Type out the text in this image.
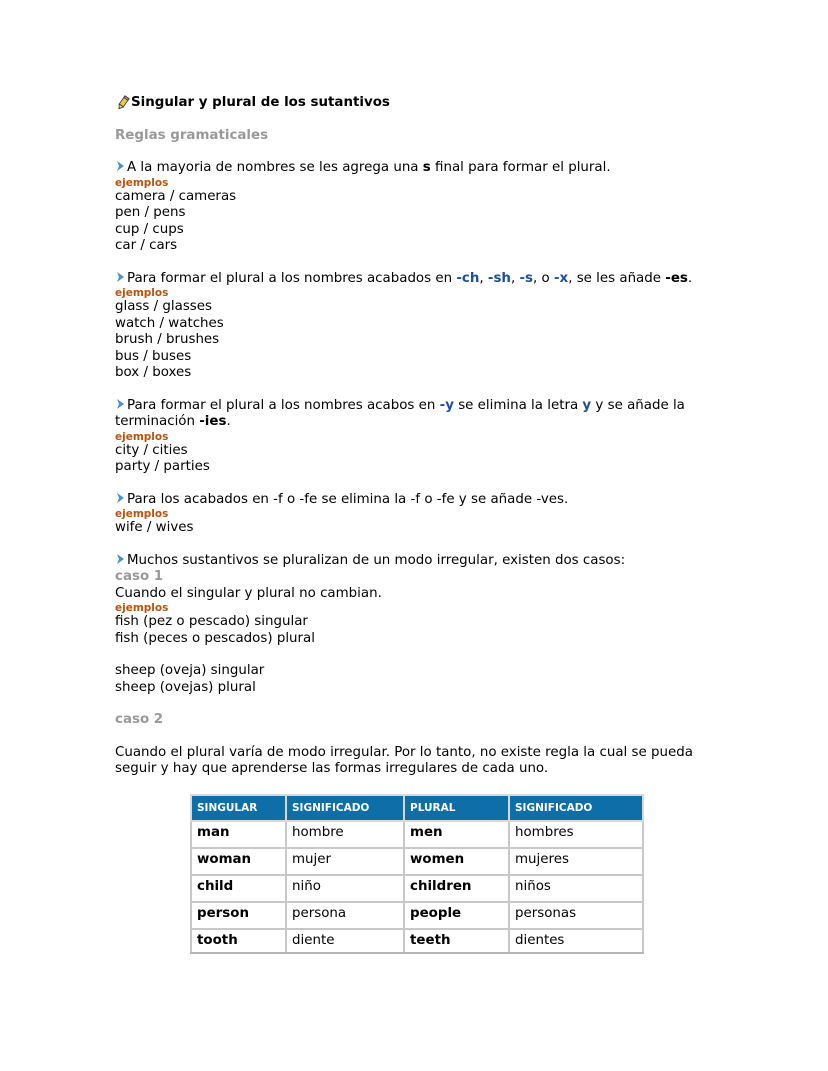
Singular y plural de los sutantivos
Reglas gramaticales
A la mayoria de nombres se les agrega una s final para formar el plural.
ejemplos
camera / cameras
pen / pens
cup / cups
car / cars
Para formar el plural a los nombres acabados en -ch, -sh, -s, o -x, se les añade -es.
ejemplos
glass / glasses
watch / watches
brush / brushes
bus / buses
box / boxes
Para formar el plural a los nombres acabos en -y se elimina la letra y y se añade la terminación -ies.
ejemplos
city / cities
party / parties
Para los acabados en -f o -fe se elimina la -f o -fe y se añade -ves.
ejemplos
wife / wives
Muchos sustantivos se pluralizan de un modo irregular, existen dos casos:
caso 1
Cuando el singular y plural no cambian.
ejemplos
fish (pez o pescado) singular
fish (peces o pescados) plural
sheep (oveja) singular
sheep (ovejas) plural
caso 2
Cuando el plural varía de modo irregular. Por lo tanto, no existe regla la cual se pueda seguir y hay que aprenderse las formas irregulares de cada uno.
SINGULAR	SIGNIFICADO	PLURAL	SIGNIFICADO
man	hombre	men	hombres
woman	mujer	women	mujeres
child	niño	children	niños
person	persona	people	personas
tooth	diente	teeth	dientes
